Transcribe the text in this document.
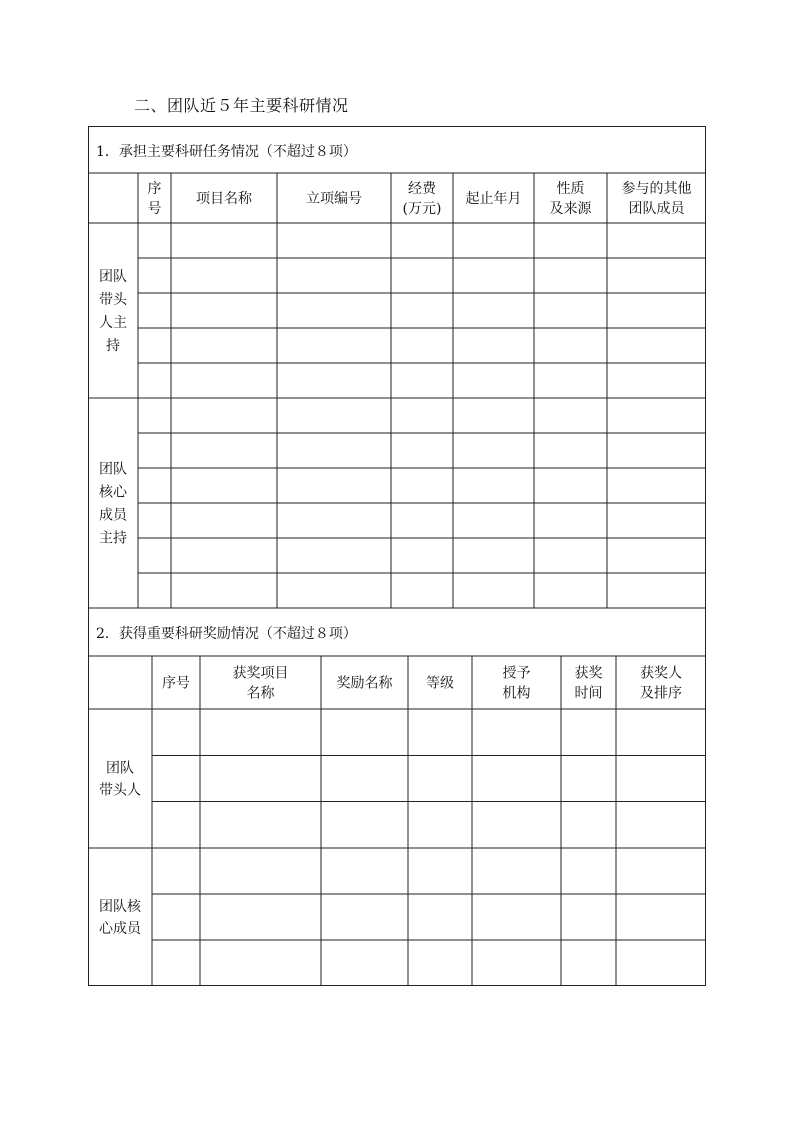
二、团队近５年主要科研情况
1．承担主要科研任务情况（不超过８项）
序号
项目名称	立项编号
经费(万元)
起止年月
性质及来源
参与的其他团队成员
团队带头人主持
团队核心成员主持
2．获得重要科研奖励情况（不超过８项）
序号
获奖项目名称
奖励名称 等级
授予机构
获奖时间
获奖人及排序
团队带头人
团队核心成员
